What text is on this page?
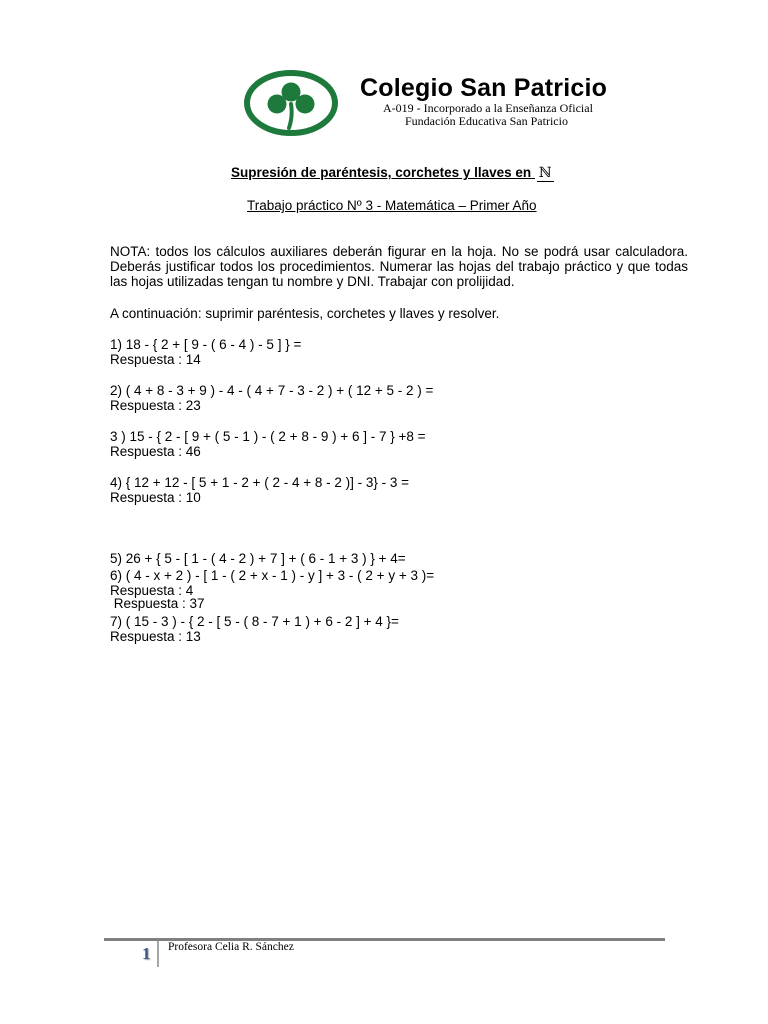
Colegio San Patricio
A-019 - Incorporado a la Enseñanza Oficial
Fundación Educativa San Patricio
Supresión de paréntesis, corchetes y llaves en ℕ
Trabajo práctico Nº 3 - Matemática – Primer Año
NOTA: todos los cálculos auxiliares deberán figurar en la hoja. No se podrá usar calculadora. Deberás justificar todos los procedimientos. Numerar las hojas del trabajo práctico y que todas las hojas utilizadas tengan tu nombre y DNI. Trabajar con prolijidad.
A continuación: suprimir paréntesis, corchetes y llaves y resolver.
1) 18 - { 2 + [ 9 - ( 6 - 4 ) - 5 ] } =
Respuesta : 14
2) ( 4 + 8 - 3 + 9 ) - 4 - ( 4 + 7 - 3 - 2 ) + ( 12 + 5 - 2 ) =
Respuesta : 23
3 ) 15 - { 2 - [ 9 + ( 5 - 1 ) - ( 2 + 8 - 9 ) + 6 ] - 7 } +8 =
Respuesta : 46
4) { 12 + 12 - [ 5 + 1 - 2 + ( 2 - 4 + 8 - 2 )] - 3} - 3 =
Respuesta : 10

5) 26 + { 5 - [ 1 - ( 4 - 2 ) + 7 ] + ( 6 - 1 + 3 ) } + 4=

Respuesta : 37

6) ( 4 - x + 2 ) - [ 1 - ( 2 + x - 1 ) - y ] + 3 - ( 2 + y + 3 )=
Respuesta : 4
7) ( 15 - 3 ) - { 2 - [ 5 - ( 8 - 7 + 1 ) + 6 - 2 ] + 4 }=
Respuesta : 13
1 Profesora Celia R. Sánchez
